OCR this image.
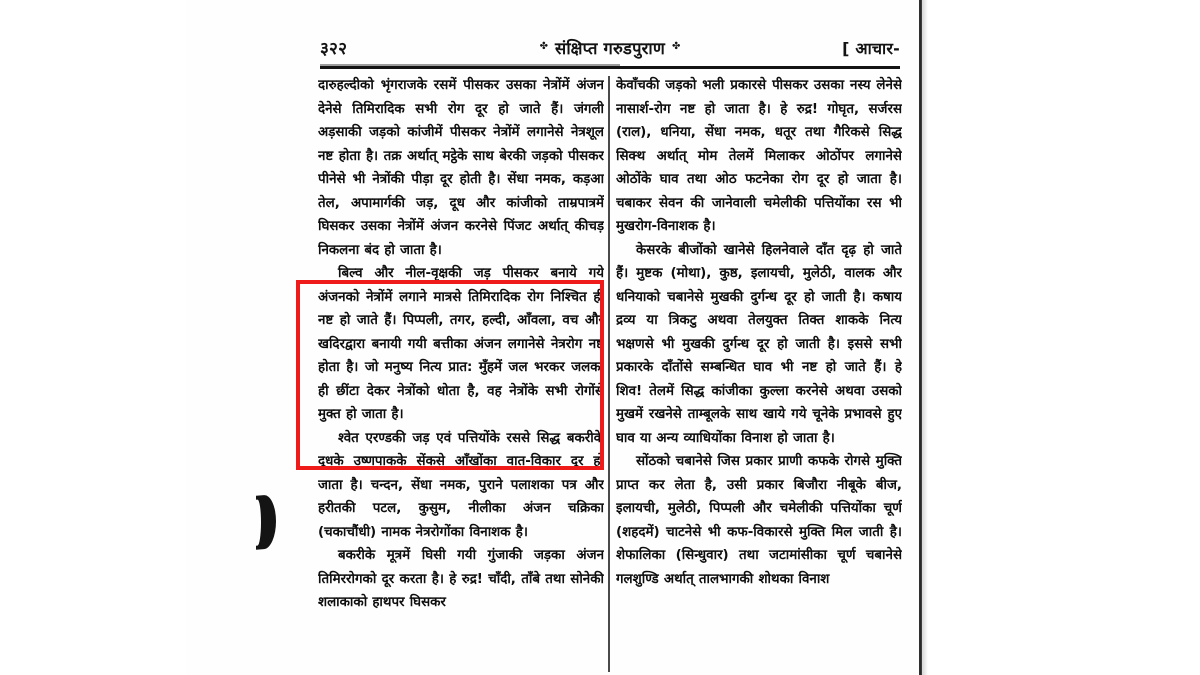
३२२	✤ संक्षिप्त गरुडपुराण ✤	[ आचार-

दारुहल्दीको भृंगराजके रसमें पीसकर उसका नेत्रोंमें अंजन देनेसे तिमिरादिक सभी रोग दूर हो जाते हैं। जंगली अड़साकी जड़को कांजीमें पीसकर नेत्रोंमें लगानेसे नेत्रशूल नष्ट होता है। तक्र अर्थात् मट्ठेके साथ बेरकी जड़को पीसकर पीनेसे भी नेत्रोंकी पीड़ा दूर होती है। सेंधा नमक, कड़आ तेल, अपामार्गकी जड़, दूध और कांजीको ताम्रपात्रमें घिसकर उसका नेत्रोंमें अंजन करनेसे पिंजट अर्थात् कीचड़ निकलना बंद हो जाता है।

बिल्व और नील-वृक्षकी जड़ पीसकर बनाये गये अंजनको नेत्रोंमें लगाने मात्रसे तिमिरादिक रोग निश्चित ही नष्ट हो जाते हैं। पिप्पली, तगर, हल्दी, आँवला, वच और खदिरद्वारा बनायी गयी बत्तीका अंजन लगानेसे नेत्ररोग नष्ट होता है। जो मनुष्य नित्य प्रात: मुँहमें जल भरकर जलका ही छींटा देकर नेत्रोंको धोता है, वह नेत्रोंके सभी रोगोंसे मुक्त हो जाता है।

श्वेत एरण्डकी जड़ एवं पत्तियोंके रससे सिद्ध बकरीके दूधके उष्णपाकके सेंकसे आँखोंका वात-विकार दूर हो जाता है। चन्दन, सेंधा नमक, पुराने पलाशका पत्र और हरीतकी पटल, कुसुम, नीलीका अंजन चक्रिका (चकाचौंधी) नामक नेत्ररोगोंका विनाशक है।

बकरीके मूत्रमें घिसी गयी गुंजाकी जड़का अंजन तिमिररोगको दूर करता है। हे रुद्र! चाँदी, ताँबे तथा सोनेकी शलाकाको हाथपर घिसकर

केवाँचकी जड़को भली प्रकारसे पीसकर उसका नस्य लेनेसे नासार्श-रोग नष्ट हो जाता है। हे रुद्र! गोघृत, सर्जरस (राल), धनिया, सेंधा नमक, धतूर तथा गैरिकसे सिद्ध सिक्थ अर्थात् मोम तेलमें मिलाकर ओठोंपर लगानेसे ओठोंके घाव तथा ओठ फटनेका रोग दूर हो जाता है। चबाकर सेवन की जानेवाली चमेलीकी पत्तियोंका रस भी मुखरोग-विनाशक है।

केसरके बीजोंको खानेसे हिलनेवाले दाँत दृढ़ हो जाते हैं। मुष्टक (मोथा), कुष्ठ, इलायची, मुलेठी, वालक और धनियाको चबानेसे मुखकी दुर्गन्ध दूर हो जाती है। कषाय द्रव्य या त्रिकटु अथवा तेलयुक्त तिक्त शाकके नित्य भक्षणसे भी मुखकी दुर्गन्ध दूर हो जाती है। इससे सभी प्रकारके दाँतोंसे सम्बन्धित घाव भी नष्ट हो जाते हैं। हे शिव! तेलमें सिद्ध कांजीका कुल्ला करनेसे अथवा उसको मुखमें रखनेसे ताम्बूलके साथ खाये गये चूनेके प्रभावसे हुए घाव या अन्य व्याधियोंका विनाश हो जाता है।

सोंठको चबानेसे जिस प्रकार प्राणी कफके रोगसे मुक्ति प्राप्त कर लेता है, उसी प्रकार बिजौरा नीबूके बीज, इलायची, मुलेठी, पिप्पली और चमेलीकी पत्तियोंका चूर्ण (शहदमें) चाटनेसे भी कफ-विकारसे मुक्ति मिल जाती है। शेफालिका (सिन्धुवार) तथा जटामांसीका चूर्ण चबानेसे गलशुण्डि अर्थात् तालभागकी शोथका विनाश
